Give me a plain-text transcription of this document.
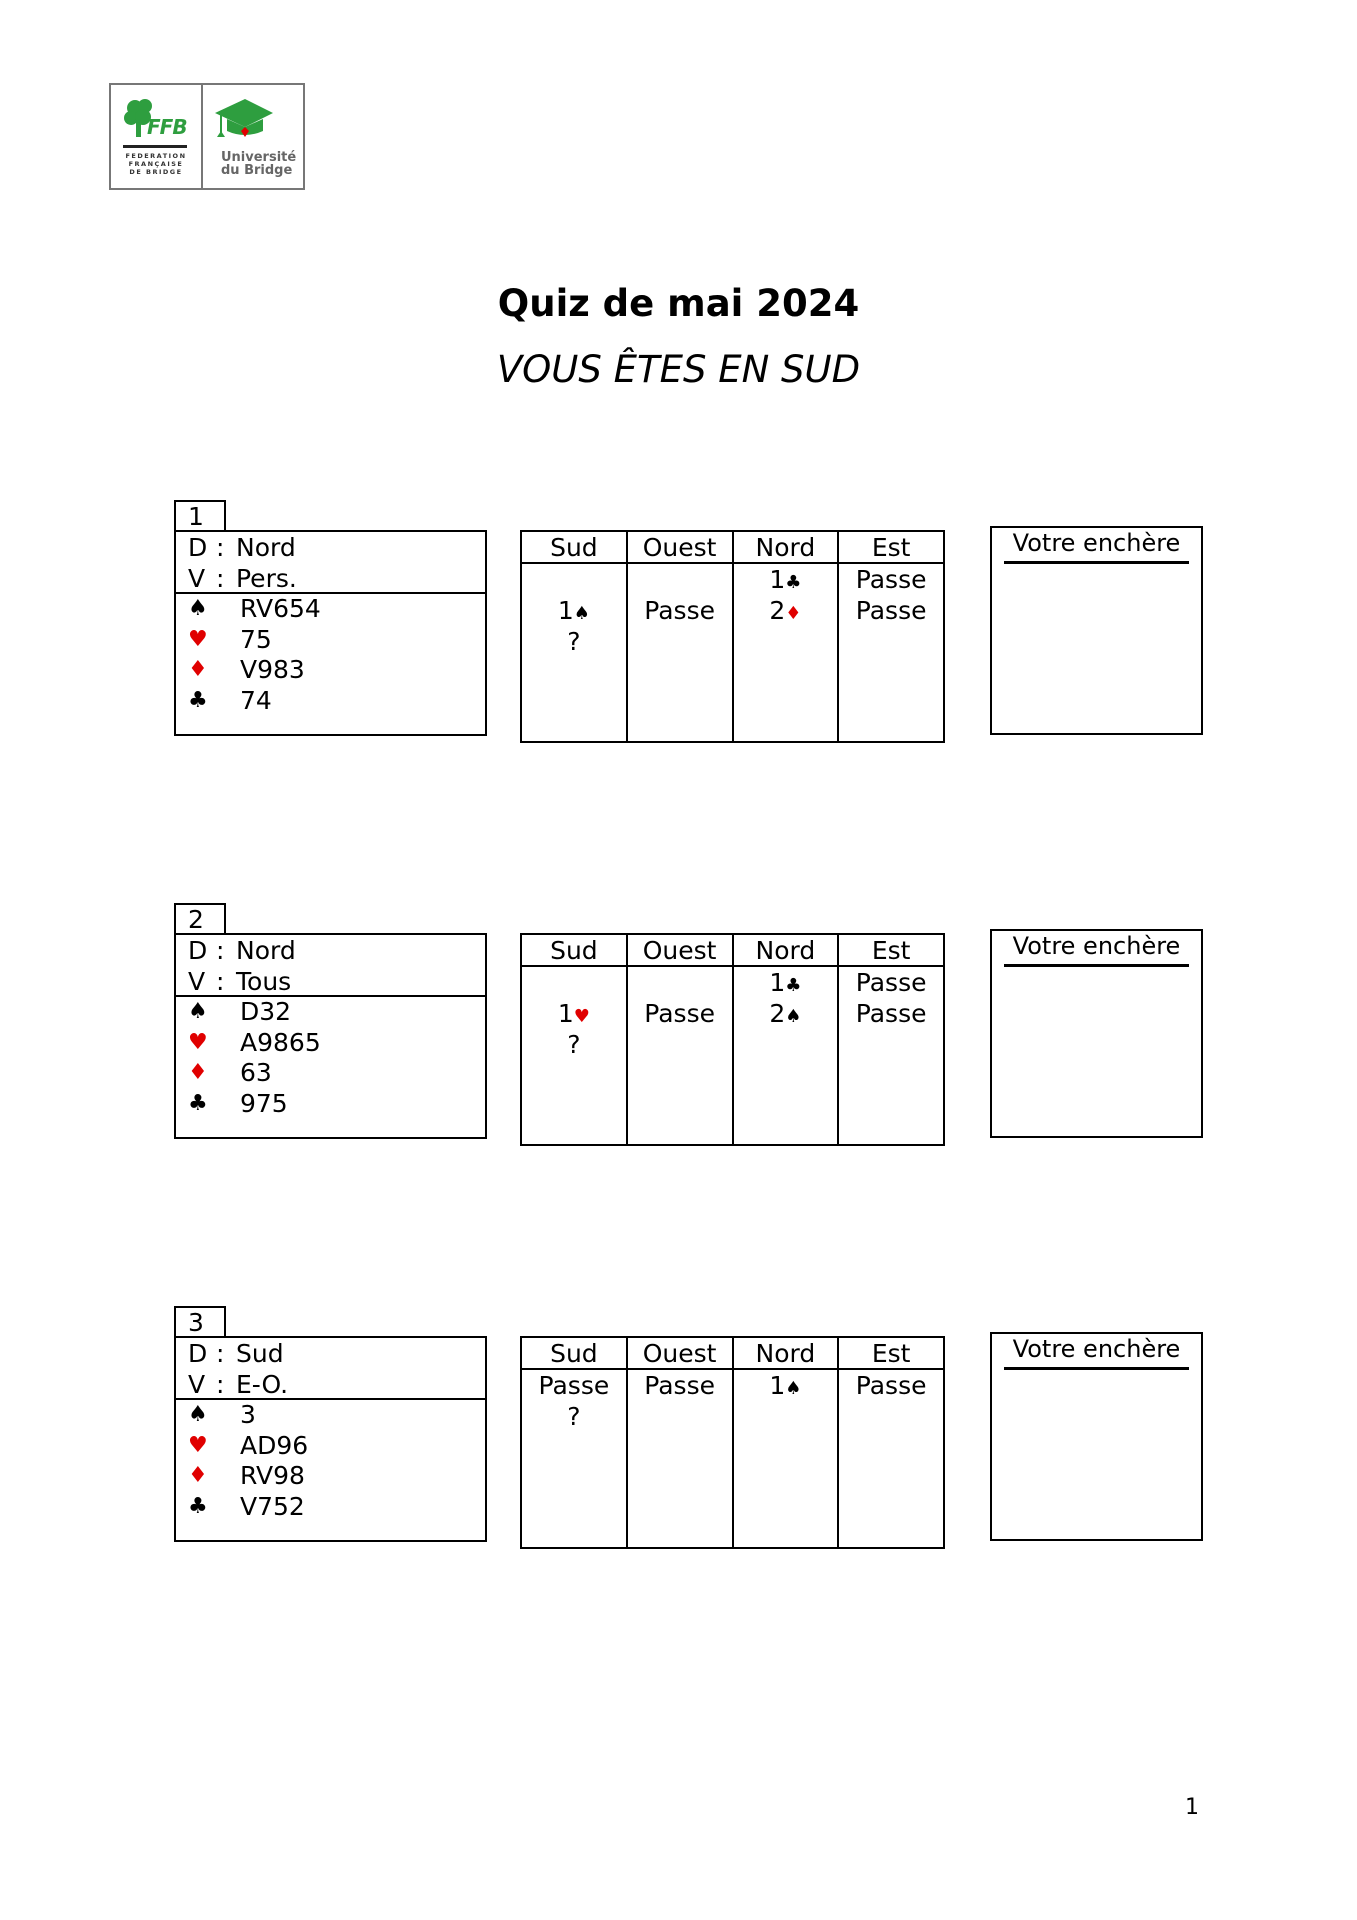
FFB
FEDERATION FRANÇAISE DE BRIDGE
Université
du Bridge
Quiz de mai 2024
VOUS ÊTES EN SUD
1
D : Nord
V : Pers.
♠ RV654
♥ 75
♦ V983
♣ 74
Sud
1♠
?
Ouest
Passe
Nord
1♣
2♦
Est
Passe
Passe
Votre enchère
2
D : Nord
V : Tous
♠ D32
♥ A9865
♦ 63
♣ 975
Sud
1♥
?
Ouest
Passe
Nord
1♣
2♠
Est
Passe
Passe
Votre enchère
3
D : Sud
V : E-O.
♠ 3
♥ AD96
♦ RV98
♣ V752
Sud
Passe
?
Ouest
Passe
Nord
1♠
Est
Passe
Votre enchère
1
